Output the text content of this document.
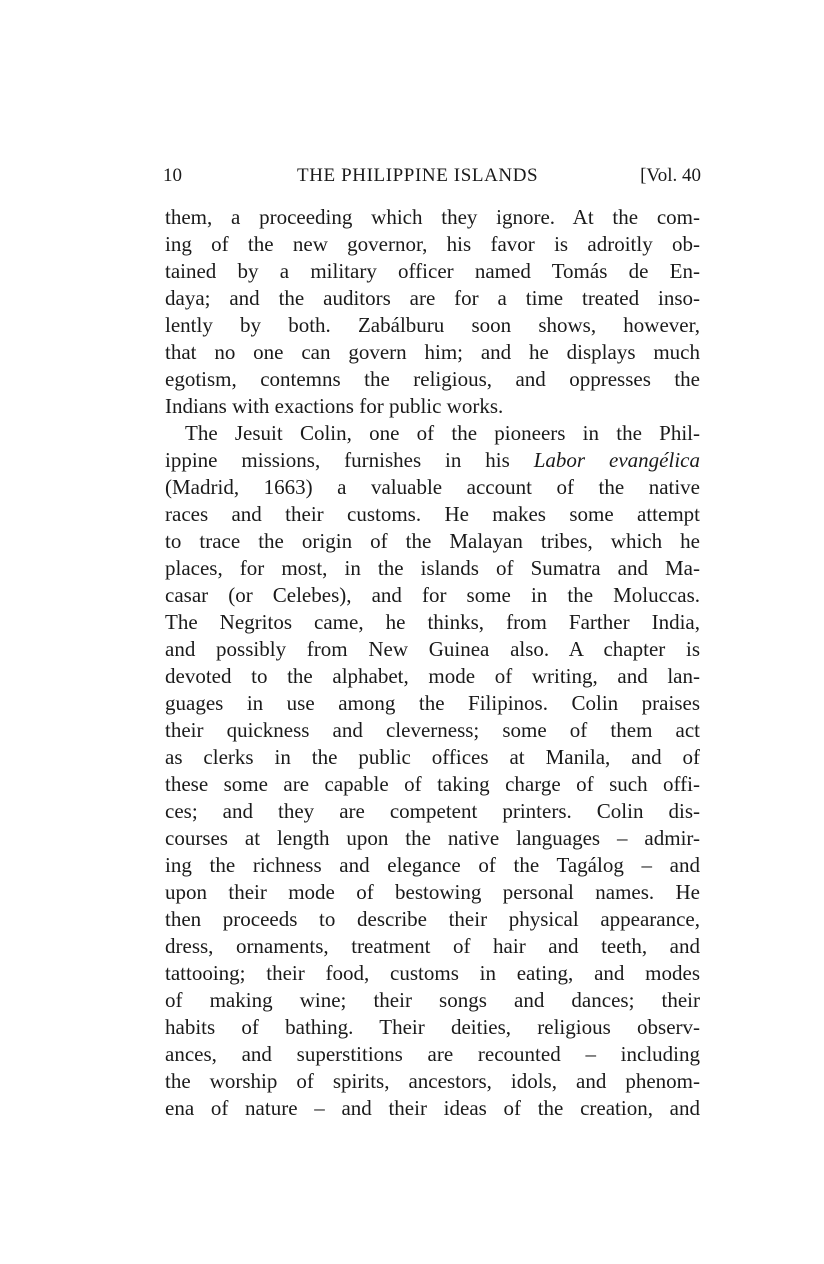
10	THE PHILIPPINE ISLANDS	[Vol. 40
them, a proceeding which they ignore. At the com-
ing of the new governor, his favor is adroitly ob-
tained by a military officer named Tomás de En-
daya; and the auditors are for a time treated inso-
lently by both. Zabálburu soon shows, however,
that no one can govern him; and he displays much
egotism, contemns the religious, and oppresses the
Indians with exactions for public works.
The Jesuit Colin, one of the pioneers in the Phil-
ippine missions, furnishes in his Labor evangélica
(Madrid, 1663) a valuable account of the native
races and their customs. He makes some attempt
to trace the origin of the Malayan tribes, which he
places, for most, in the islands of Sumatra and Ma-
casar (or Celebes), and for some in the Moluccas.
The Negritos came, he thinks, from Farther India,
and possibly from New Guinea also. A chapter is
devoted to the alphabet, mode of writing, and lan-
guages in use among the Filipinos. Colin praises
their quickness and cleverness; some of them act
as clerks in the public offices at Manila, and of
these some are capable of taking charge of such offi-
ces; and they are competent printers. Colin dis-
courses at length upon the native languages – admir-
ing the richness and elegance of the Tagálog – and
upon their mode of bestowing personal names. He
then proceeds to describe their physical appearance,
dress, ornaments, treatment of hair and teeth, and
tattooing; their food, customs in eating, and modes
of making wine; their songs and dances; their
habits of bathing. Their deities, religious observ-
ances, and superstitions are recounted – including
the worship of spirits, ancestors, idols, and phenom-
ena of nature – and their ideas of the creation, and
